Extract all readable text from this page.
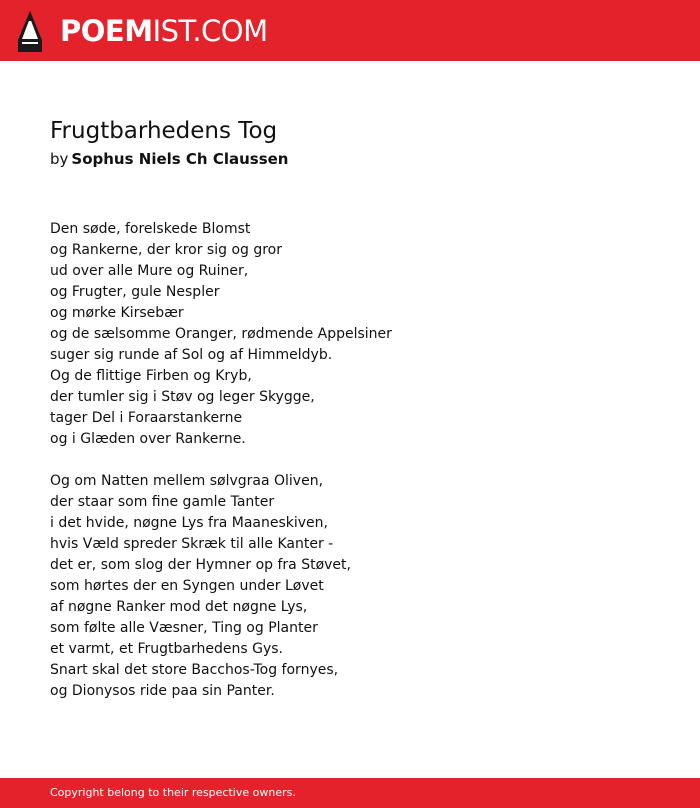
POEMIST.COM
Frugtbarhedens Tog
by Sophus Niels Ch Claussen
Den søde, forelskede Blomst
og Rankerne, der kror sig og gror
ud over alle Mure og Ruiner,
og Frugter, gule Nespler
og mørke Kirsebær
og de sælsomme Oranger, rødmende Appelsiner
suger sig runde af Sol og af Himmeldyb.
Og de flittige Firben og Kryb,
der tumler sig i Støv og leger Skygge,
tager Del i Foraarstankerne
og i Glæden over Rankerne.
Og om Natten mellem sølvgraa Oliven,
der staar som fine gamle Tanter
i det hvide, nøgne Lys fra Maaneskiven,
hvis Væld spreder Skræk til alle Kanter -
det er, som slog der Hymner op fra Støvet,
som hørtes der en Syngen under Løvet
af nøgne Ranker mod det nøgne Lys,
som følte alle Væsner, Ting og Planter
et varmt, et Frugtbarhedens Gys.
Snart skal det store Bacchos-Tog fornyes,
og Dionysos ride paa sin Panter.
Copyright belong to their respective owners.
